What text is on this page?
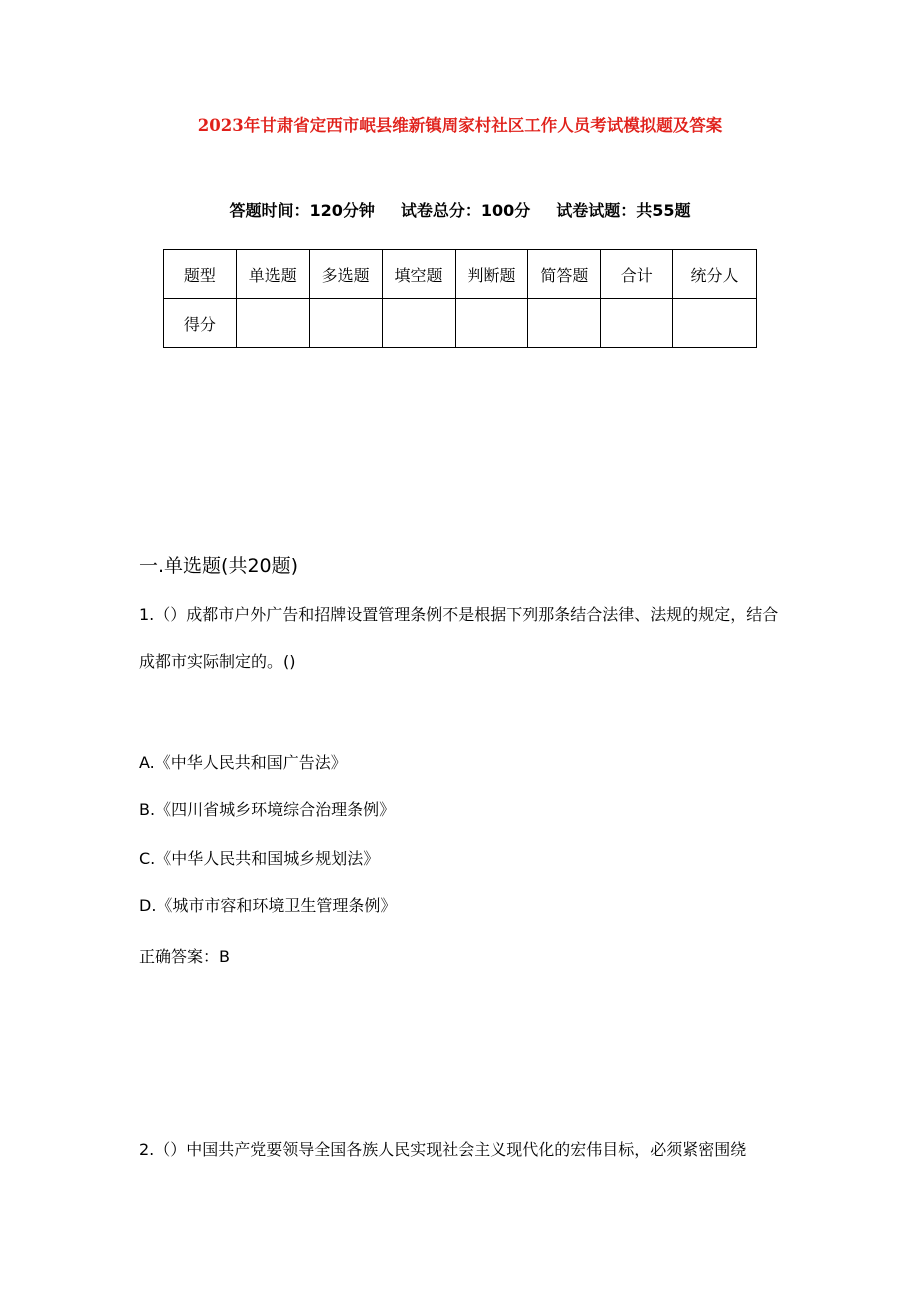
2023年甘肃省定西市岷县维新镇周家村社区工作人员考试模拟题及答案
答题时间：120分钟 试卷总分：100分 试卷试题：共55题
题型	单选题	多选题	填空题	判断题	简答题	合计	统分人
得分							
一.单选题(共20题)
1.（）成都市户外广告和招牌设置管理条例不是根据下列那条结合法律、法规的规定，结合成都市实际制定的。()
A.《中华人民共和国广告法》
B.《四川省城乡环境综合治理条例》
C.《中华人民共和国城乡规划法》
D.《城市市容和环境卫生管理条例》
正确答案：B
2.（）中国共产党要领导全国各族人民实现社会主义现代化的宏伟目标，必须紧密围绕
